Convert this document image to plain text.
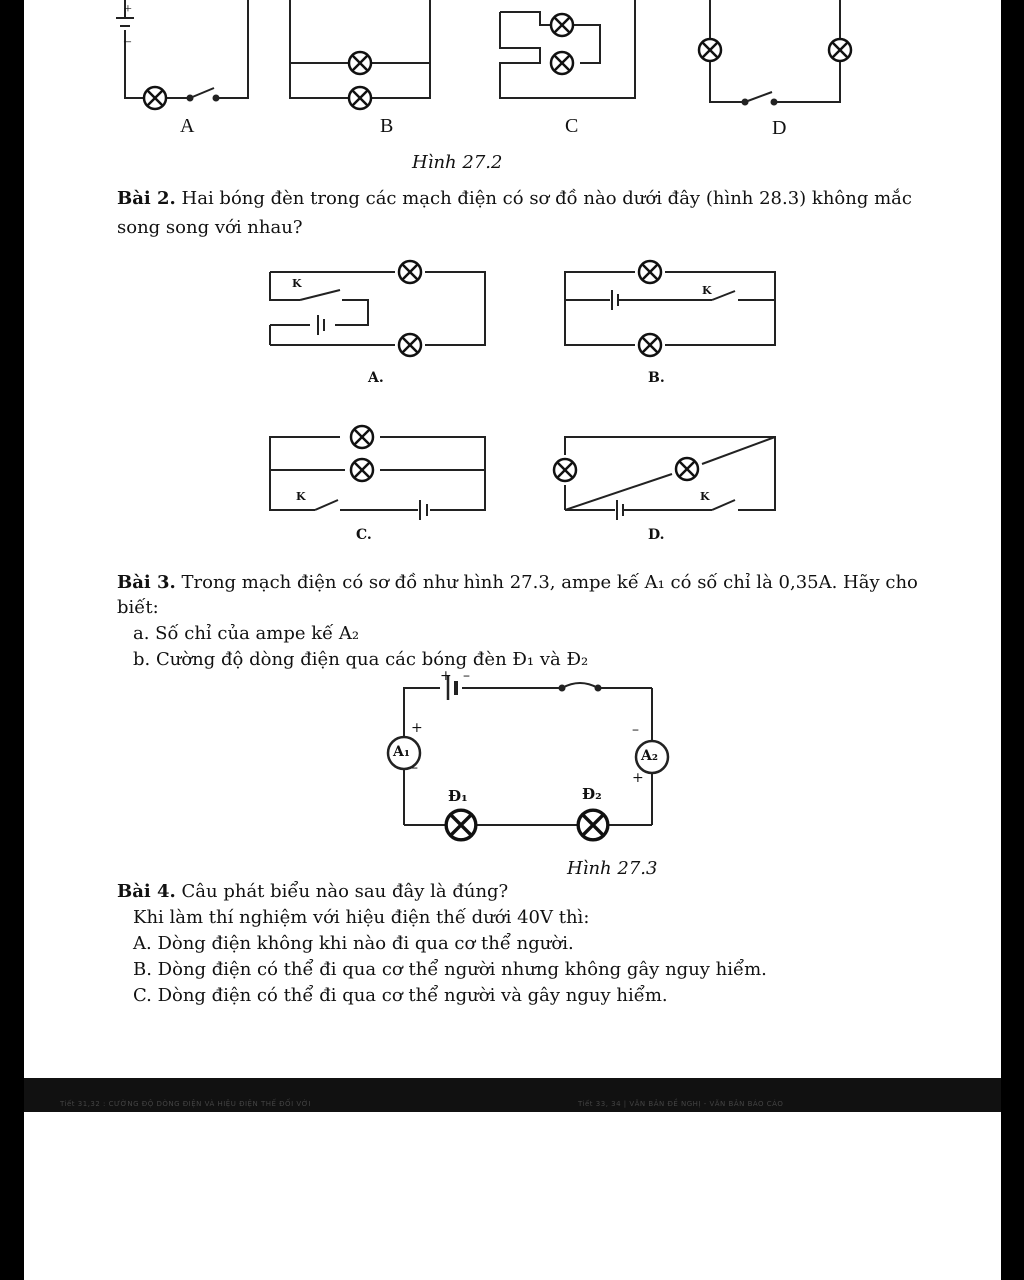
+
–
A	B	C	D
Hình 27.2
Bài 2. Hai bóng đèn trong các mạch điện có sơ đồ nào dưới đây (hình 28.3) không mắc
song song với nhau?
K
K
K	K
A.	B.
C.	D.
Bài 3. Trong mạch điện có sơ đồ như hình 27.3, ampe kế A₁ có số chỉ là 0,35A. Hãy cho
biết:
a. Số chỉ của ampe kế A₂
b. Cường độ dòng điện qua các bóng đèn Đ₁ và Đ₂
+ –
+
–
–
+
A₁	A₂
Đ₁	Đ₂
Hình 27.3
Bài 4. Câu phát biểu nào sau đây là đúng?
Khi làm thí nghiệm với hiệu điện thế dưới 40V thì:
A. Dòng điện không khi nào đi qua cơ thể người.
B. Dòng điện có thể đi qua cơ thể người nhưng không gây nguy hiểm.
C. Dòng điện có thể đi qua cơ thể người và gây nguy hiểm.
Tiết 31,32 : CƯỜNG ĐỘ DÒNG ĐIỆN VÀ HIỆU ĐIỆN THẾ ĐỐI VỚI	Tiết 33, 34 | VĂN BẢN ĐỀ NGHỊ - VĂN BẢN BÁO CÁO
